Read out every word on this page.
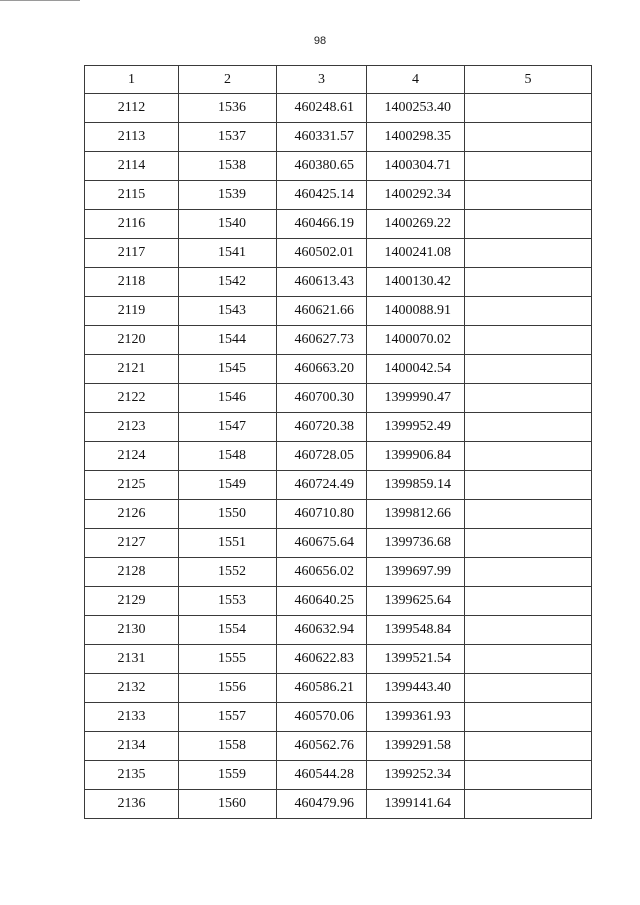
98
1	2	3	4	5
2112	1536	460248.61	1400253.40	
2113	1537	460331.57	1400298.35	
2114	1538	460380.65	1400304.71	
2115	1539	460425.14	1400292.34	
2116	1540	460466.19	1400269.22	
2117	1541	460502.01	1400241.08	
2118	1542	460613.43	1400130.42	
2119	1543	460621.66	1400088.91	
2120	1544	460627.73	1400070.02	
2121	1545	460663.20	1400042.54	
2122	1546	460700.30	1399990.47	
2123	1547	460720.38	1399952.49	
2124	1548	460728.05	1399906.84	
2125	1549	460724.49	1399859.14	
2126	1550	460710.80	1399812.66	
2127	1551	460675.64	1399736.68	
2128	1552	460656.02	1399697.99	
2129	1553	460640.25	1399625.64	
2130	1554	460632.94	1399548.84	
2131	1555	460622.83	1399521.54	
2132	1556	460586.21	1399443.40	
2133	1557	460570.06	1399361.93	
2134	1558	460562.76	1399291.58	
2135	1559	460544.28	1399252.34	
2136	1560	460479.96	1399141.64	
